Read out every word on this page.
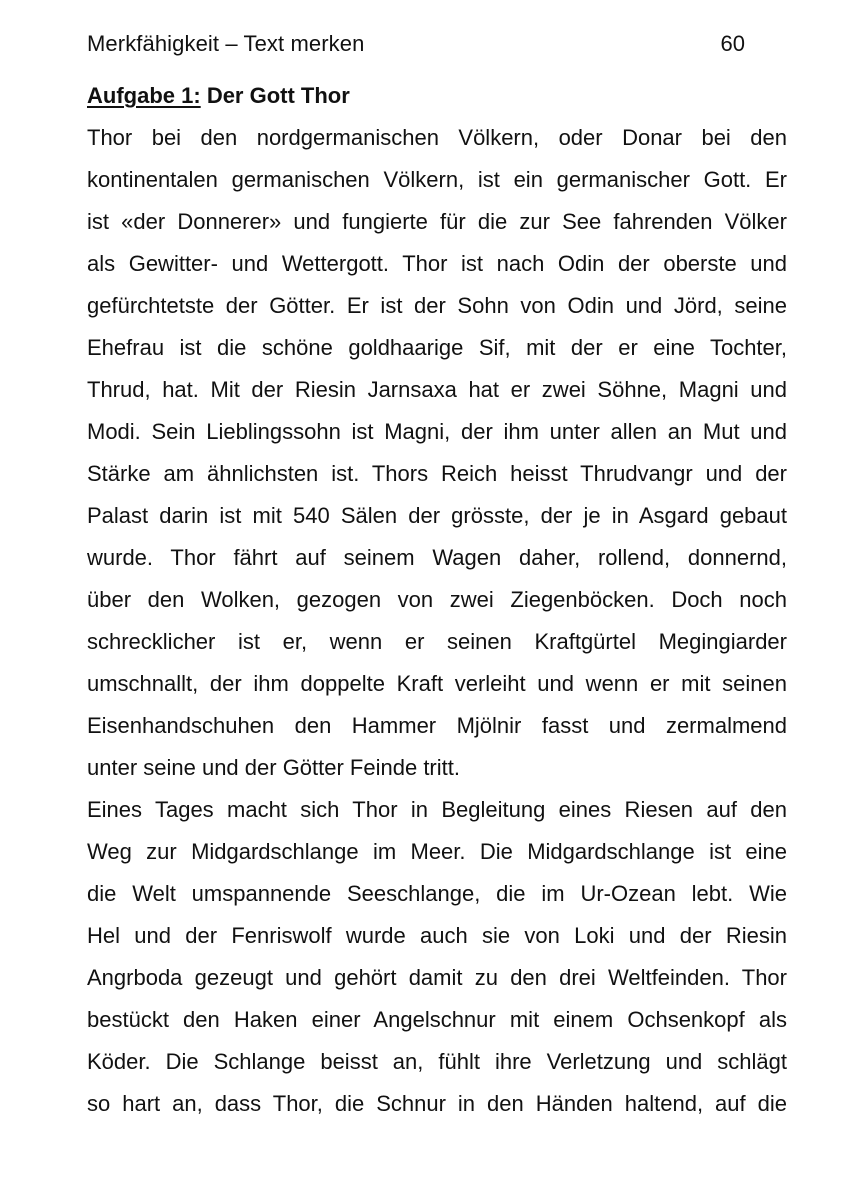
Merkfähigkeit – Text merken	60
Aufgabe 1: Der Gott Thor
Thor bei den nordgermanischen Völkern, oder Donar bei den
kontinentalen germanischen Völkern, ist ein germanischer Gott. Er
ist «der Donnerer» und fungierte für die zur See fahrenden Völker
als Gewitter- und Wettergott. Thor ist nach Odin der oberste und
gefürchtetste der Götter. Er ist der Sohn von Odin und Jörd, seine
Ehefrau ist die schöne goldhaarige Sif, mit der er eine Tochter,
Thrud, hat. Mit der Riesin Jarnsaxa hat er zwei Söhne, Magni und
Modi. Sein Lieblingssohn ist Magni, der ihm unter allen an Mut und
Stärke am ähnlichsten ist. Thors Reich heisst Thrudvangr und der
Palast darin ist mit 540 Sälen der grösste, der je in Asgard gebaut
wurde. Thor fährt auf seinem Wagen daher, rollend, donnernd,
über den Wolken, gezogen von zwei Ziegenböcken. Doch noch
schrecklicher ist er, wenn er seinen Kraftgürtel Megingiarder
umschnallt, der ihm doppelte Kraft verleiht und wenn er mit seinen
Eisenhandschuhen den Hammer Mjölnir fasst und zermalmend
unter seine und der Götter Feinde tritt.
Eines Tages macht sich Thor in Begleitung eines Riesen auf den
Weg zur Midgardschlange im Meer. Die Midgardschlange ist eine
die Welt umspannende Seeschlange, die im Ur-Ozean lebt. Wie
Hel und der Fenriswolf wurde auch sie von Loki und der Riesin
Angrboda gezeugt und gehört damit zu den drei Weltfeinden. Thor
bestückt den Haken einer Angelschnur mit einem Ochsenkopf als
Köder. Die Schlange beisst an, fühlt ihre Verletzung und schlägt
so hart an, dass Thor, die Schnur in den Händen haltend, auf die
